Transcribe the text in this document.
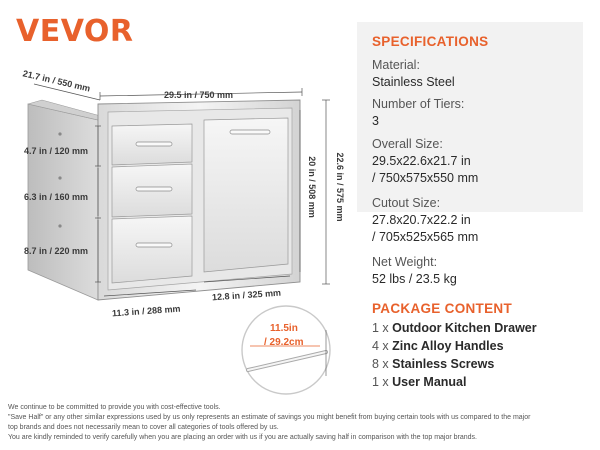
VEVOR
21.7 in / 550 mm
29.5 in / 750 mm
4.7 in / 120 mm
6.3 in / 160 mm
8.7 in / 220 mm
20 in / 508 mm 22.6 in / 575 mm
12.8 in / 325 mm
11.3 in / 288 mm
11.5in
/ 29.2cm
SPECIFICATIONS
Material:
Stainless Steel
Number of Tiers:
3
Overall Size:
29.5x22.6x21.7 in
/ 750x575x550 mm
Cutout Size:
27.8x20.7x22.2 in
/ 705x525x565 mm
Net Weight:
52 lbs / 23.5 kg
PACKAGE CONTENT
1 x Outdoor Kitchen Drawer
4 x Zinc Alloy Handles
8 x Stainless Screws
1 x User Manual

We continue to be committed to provide you with cost-effective tools.

"Save Half" or any other similar expressions used by us only represents an estimate of savings you might benefit from buying certain tools with us compared to the major

top brands and does not necessarily mean to cover all categories of tools offered by us.

You are kindly reminded to verify carefully when you are placing an order with us if you are actually saving half in comparison with the top major brands.
